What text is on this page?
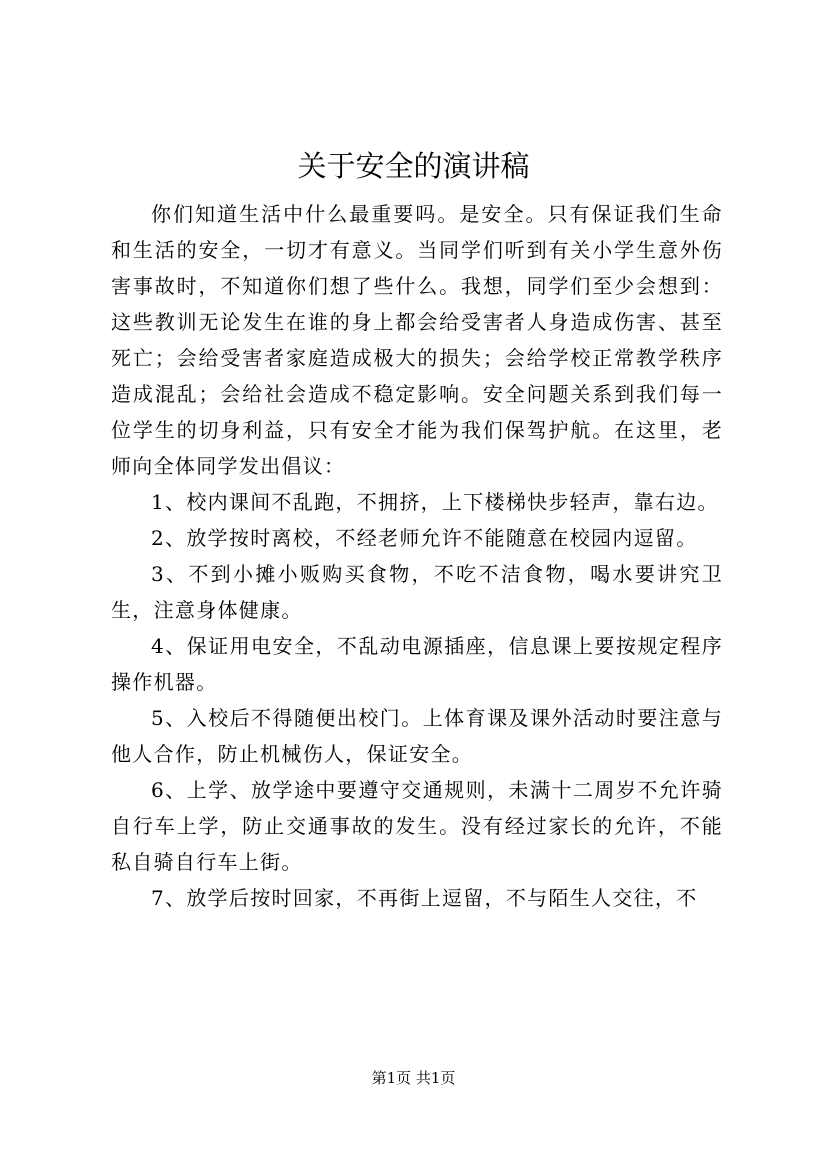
关于安全的演讲稿

你们知道生活中什么最重要吗。是安全。只有保证我们生命和生活的安全，一切才有意义。当同学们听到有关小学生意外伤害事故时，不知道你们想了些什么。我想，同学们至少会想到：这些教训无论发生在谁的身上都会给受害者人身造成伤害、甚至死亡；会给受害者家庭造成极大的损失；会给学校正常教学秩序造成混乱；会给社会造成不稳定影响。安全问题关系到我们每一位学生的切身利益，只有安全才能为我们保驾护航。在这里，老师向全体同学发出倡议：

1、校内课间不乱跑，不拥挤，上下楼梯快步轻声，靠右边。

2、放学按时离校，不经老师允许不能随意在校园内逗留。

3、不到小摊小贩购买食物，不吃不洁食物，喝水要讲究卫生，注意身体健康。

4、保证用电安全，不乱动电源插座，信息课上要按规定程序操作机器。

5、入校后不得随便出校门。上体育课及课外活动时要注意与他人合作，防止机械伤人，保证安全。

6、上学、放学途中要遵守交通规则，未满十二周岁不允许骑自行车上学，防止交通事故的发生。没有经过家长的允许，不能私自骑自行车上街。

7、放学后按时回家，不再街上逗留，不与陌生人交往，不

第1页 共1页
